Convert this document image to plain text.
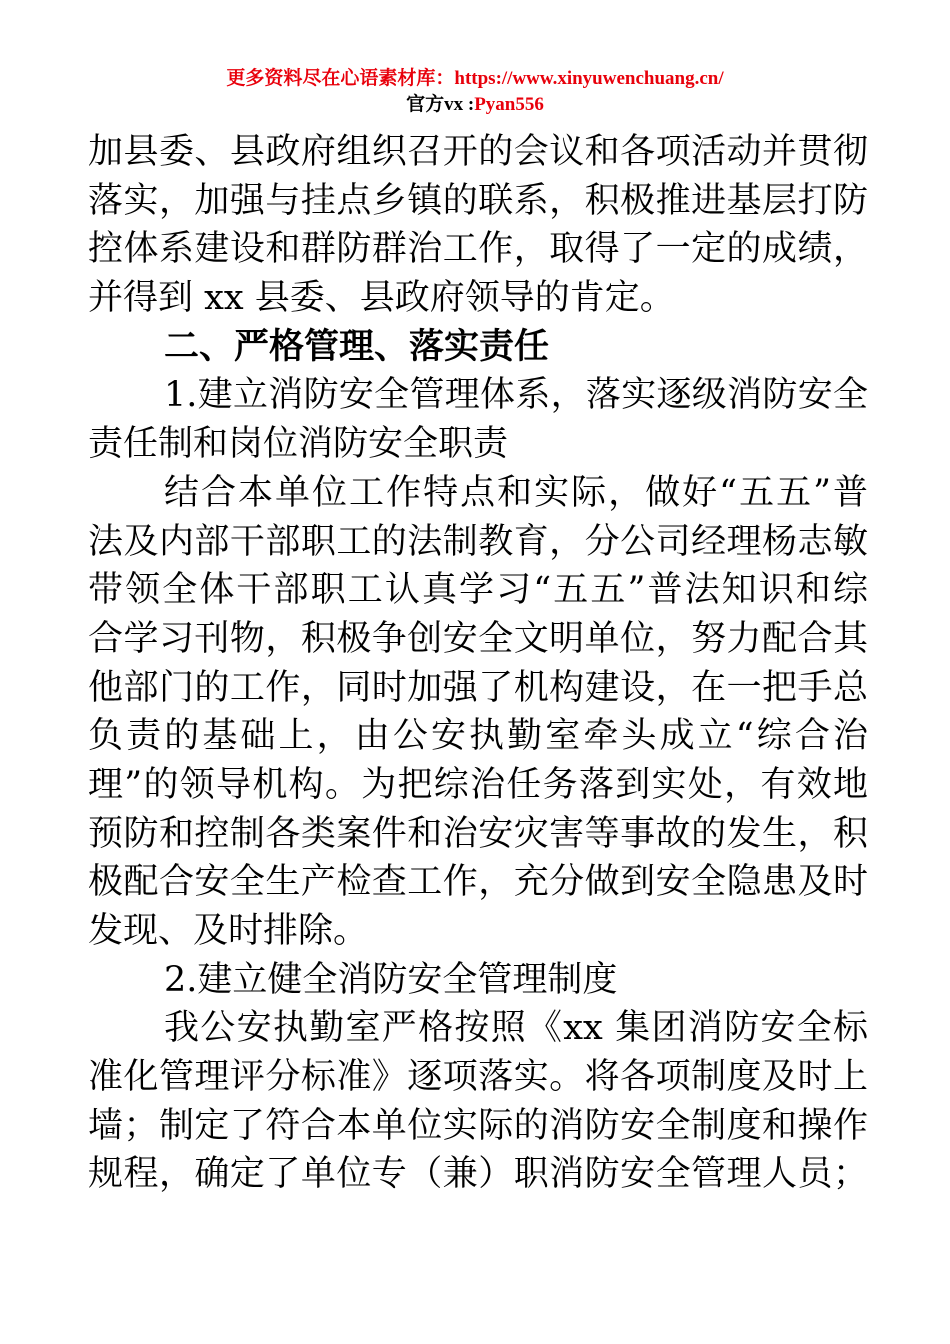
更多资料尽在心语素材库：https://www.xinyuwenchuang.cn/
官方vx :Pyan556
加县委、县政府组织召开的会议和各项活动并贯彻
落实，加强与挂点乡镇的联系，积极推进基层打防
控体系建设和群防群治工作，取得了一定的成绩，
并得到 xx 县委、县政府领导的肯定。
二、严格管理、落实责任
1.建立消防安全管理体系，落实逐级消防安全
责任制和岗位消防安全职责
结合本单位工作特点和实际，做好“五五”普
法及内部干部职工的法制教育，分公司经理杨志敏
带领全体干部职工认真学习“五五”普法知识和综
合学习刊物，积极争创安全文明单位，努力配合其
他部门的工作，同时加强了机构建设，在一把手总
负责的基础上，由公安执勤室牵头成立“综合治
理”的领导机构。为把综治任务落到实处，有效地
预防和控制各类案件和治安灾害等事故的发生，积
极配合安全生产检查工作，充分做到安全隐患及时
发现、及时排除。
2.建立健全消防安全管理制度
我公安执勤室严格按照《xx 集团消防安全标
准化管理评分标准》逐项落实。将各项制度及时上
墙；制定了符合本单位实际的消防安全制度和操作
规程，确定了单位专（兼）职消防安全管理人员；
